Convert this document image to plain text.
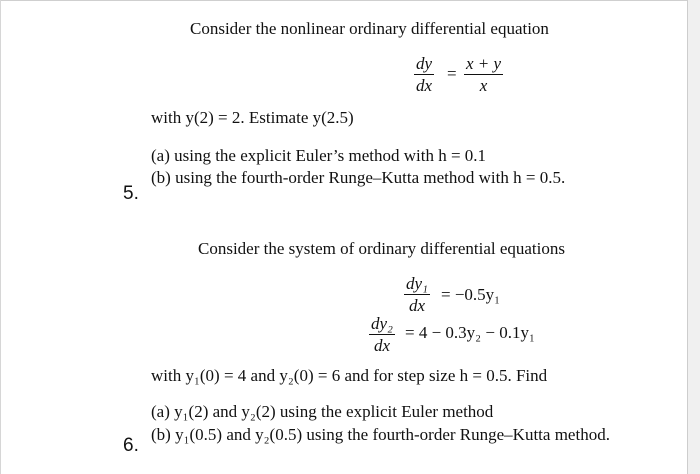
Consider the nonlinear ordinary differential equation
dy
dx
=
x + y
x
with y(2) = 2. Estimate y(2.5)
(a) using the explicit Euler’s method with h = 0.1
(b) using the fourth-order Runge–Kutta method with h = 0.5.
5.
Consider the system of ordinary differential equations
dy₁
dx
= −0.5y₁
dy₂
dx
= 4 − 0.3y₂ − 0.1y₁
with y₁(0) = 4 and y₂(0) = 6 and for step size h = 0.5. Find
(a) y₁(2) and y₂(2) using the explicit Euler method
(b) y₁(0.5) and y₂(0.5) using the fourth-order Runge–Kutta method.
6.
